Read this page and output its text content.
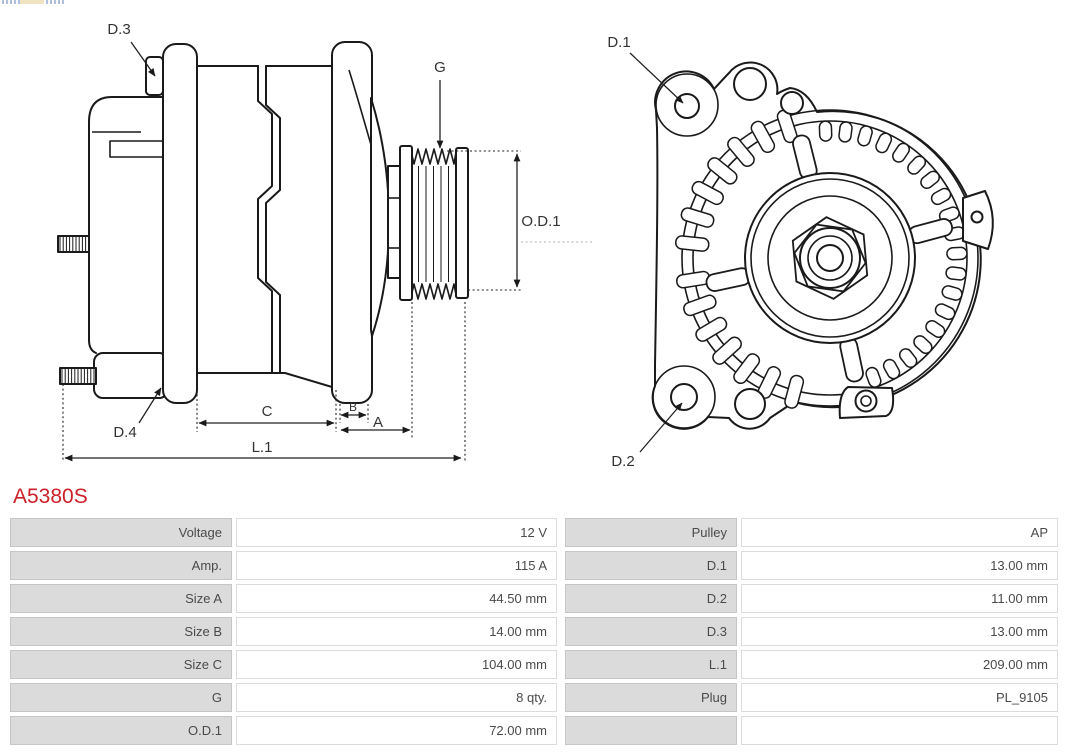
D.3
D.4
G
O.D.1
C	B
A
L.1
D.1
D.2
A5380S
Voltage	12 V	Pulley	AP
Amp.	115 A	D.1	13.00 mm
Size A	44.50 mm	D.2	11.00 mm
Size B	14.00 mm	D.3	13.00 mm
Size C	104.00 mm	L.1	209.00 mm
G	8 qty.	Plug	PL_9105
O.D.1	72.00 mm
